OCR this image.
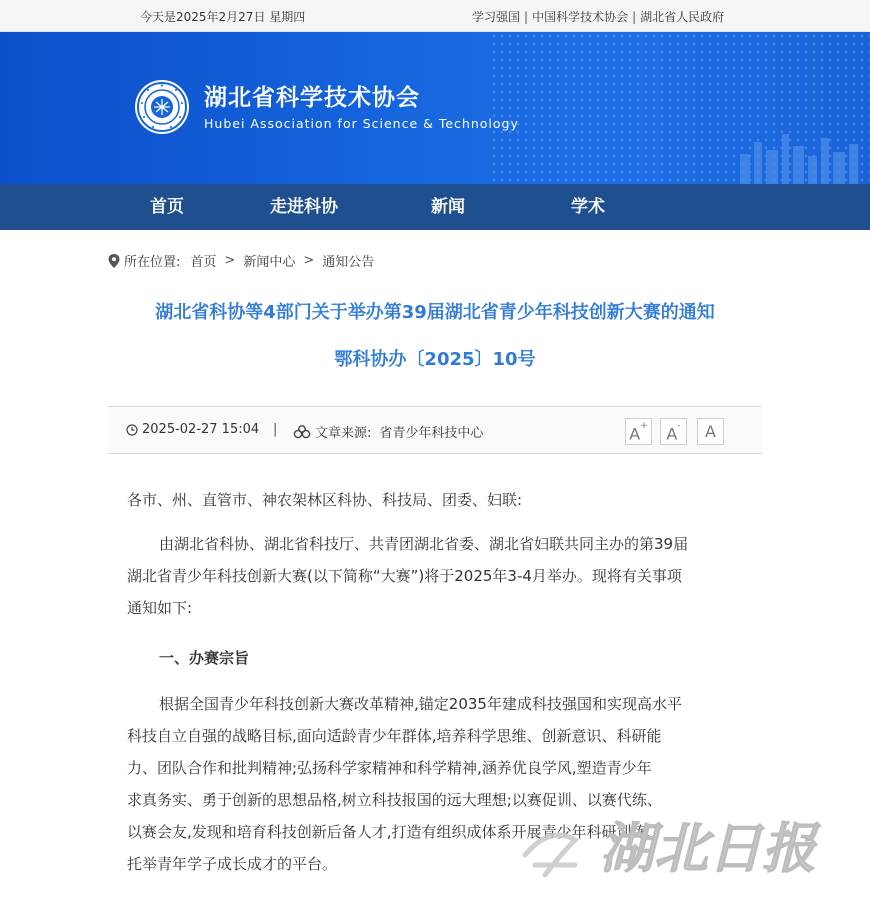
今天是2025年2月27日 星期四	学习强国 | 中国科学技术协会 | 湖北省人民政府
湖北省科学技术协会
Hubei Association for Science & Technology
首页	走进科协	新闻	学术
所在位置: 首页 > 新闻中心 > 通知公告
湖北省科协等4部门关于举办第39届湖北省青少年科技创新大赛的通知
鄂科协办〔2025〕10号
2025-02-27 15:04 |	文章来源: 省青少年科技中心	A+	A-	A
各市、州、直管市、神农架林区科协、科技局、团委、妇联:
由湖北省科协、湖北省科技厅、共青团湖北省委、湖北省妇联共同主办的第39届
湖北省青少年科技创新大赛(以下简称“大赛”)将于2025年3-4月举办。现将有关事项
通知如下:
一、办赛宗旨
根据全国青少年科技创新大赛改革精神,锚定2035年建成科技强国和实现高水平
科技自立自强的战略目标,面向适龄青少年群体,培养科学思维、创新意识、科研能
力、团队合作和批判精神;弘扬科学家精神和科学精神,涵养优良学风,塑造青少年
求真务实、勇于创新的思想品格,树立科技报国的远大理想;以赛促训、以赛代练、
以赛会友,发现和培育科技创新后备人才,打造有组织成体系开展青少年科研训练、
托举青年学子成长成才的平台。	湖北日报
